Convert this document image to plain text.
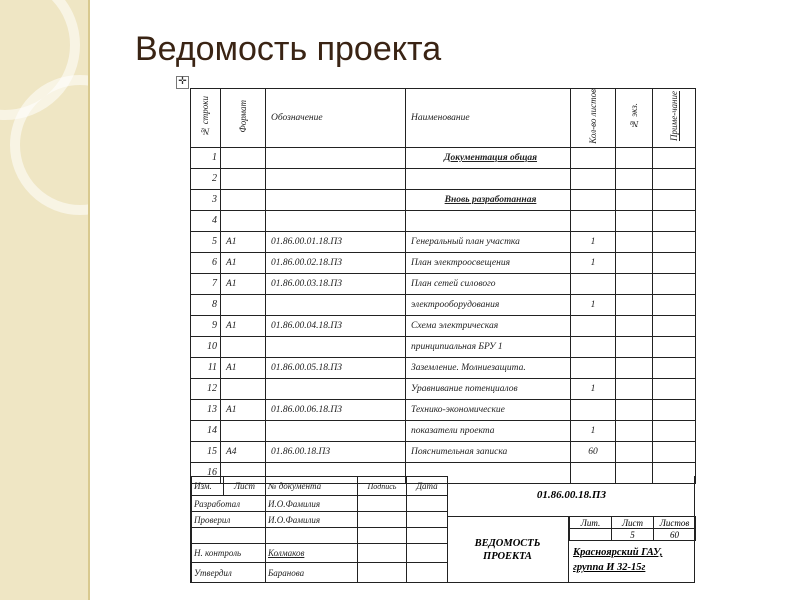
Ведомость проекта
✛
№ строки	Формат	Обозначение	Наименование	Кол-во листов	№ экз.	Приме-чание
1			Документация общая			
2						
3			Вновь разработанная			
4						
5	А1	01.86.00.01.18.ПЗ	Генеральный план участка	1		
6	А1	01.86.00.02.18.ПЗ	План электроосвещения	1		
7	А1	01.86.00.03.18.ПЗ	План сетей силового			
8			электрооборудования	1		
9	А1	01.86.00.04.18.ПЗ	Схема электрическая			
10			принципиальная БРУ 1			
11	А1	01.86.00.05.18.ПЗ	Заземление. Молниезащита.			
12			Уравнивание потенциалов	1		
13	А1	01.86.00.06.18.ПЗ	Технико-экономические			
14			показатели проекта	1		
15	А4	01.86.00.18.ПЗ	Пояснительная записка	60		
16						
Изм.	Лист	№ документа	Подпись	Дата
Разработал		И.О.Фамилия		
Проверил		И.О.Фамилия		

Н. контроль		Колмаков		
Утвердил		Баранова		
01.86.00.18.ПЗ
ВЕДОМОСТЬ
ПРОЕКТА
Лит.	Лист	Листов
	5	60
Красноярский ГАУ,
группа И 32-15г
